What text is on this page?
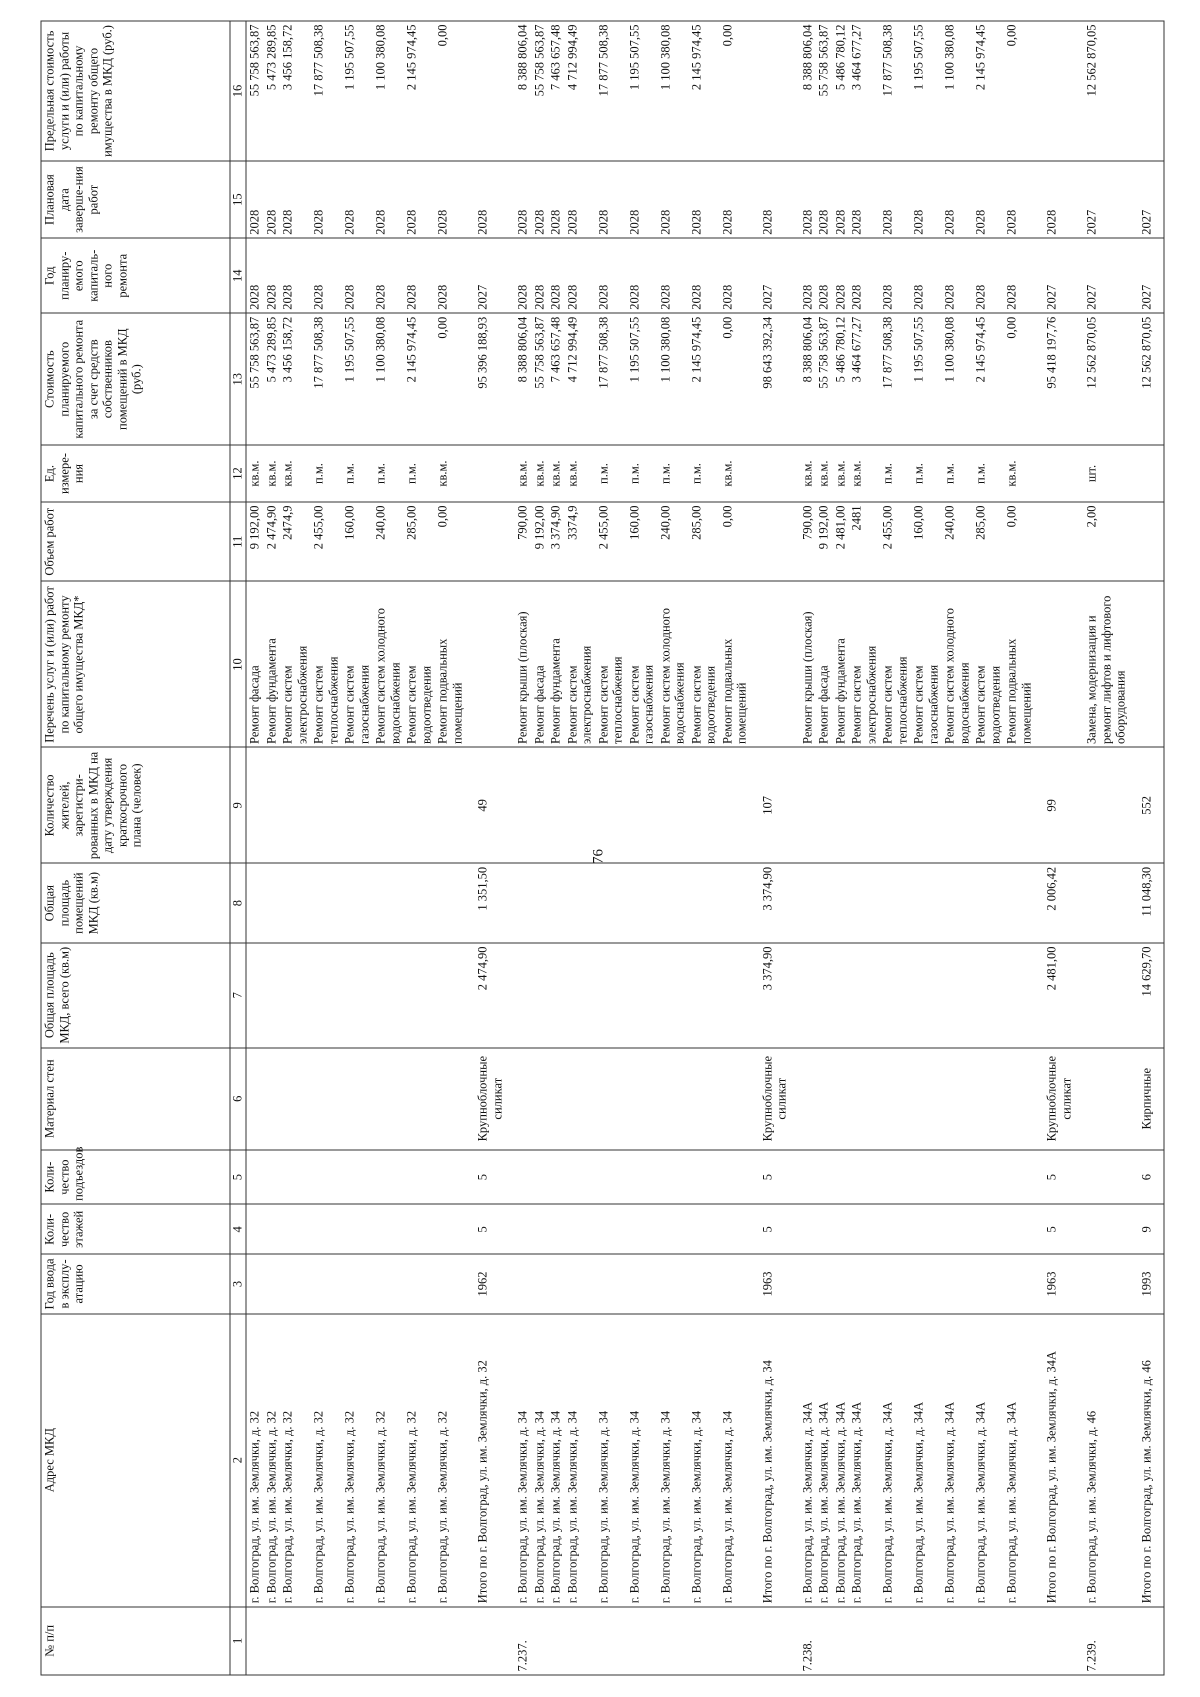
76
№ п/п	Адрес МКД	Год ввода в эксплу-атацию	Коли-чество этажей	Коли-чество подъездов	Материал стен	Общая площадь МКД, всего (кв.м)	Общая площадь помещений МКД (кв.м)	Количество жителей, зарегистри-рованных в МКД на дату утверждения краткосрочного плана (человек)	Перечень услуг и (или) работ по капитальному ремонту общего имущества МКД*	Объем работ	Ед. измере-ния	Стоимость планируемого капитального ремонта за счет средств собственников помещений в МКД (руб.)	Год планиру-емого капиталь-ного ремонта	Плановая дата заверше-ния работ	Предельная стоимость услуги и (или) работы по капитальному ремонту общего имущества в МКД (руб.)
1	2	3	4	5	6	7	8	9	10	11	12	13	14	15	16
	г. Волгоград, ул. им. Землячки, д. 32								Ремонт фасада	9 192,00	кв.м.	55 758 563,87	2028	2028	55 758 563,87
	г. Волгоград, ул. им. Землячки, д. 32								Ремонт фундамента	2 474,90	кв.м.	5 473 289,85	2028	2028	5 473 289,85
	г. Волгоград, ул. им. Землячки, д. 32								Ремонт систем электроснабжения	2474,9	кв.м.	3 456 158,72	2028	2028	3 456 158,72
	г. Волгоград, ул. им. Землячки, д. 32								Ремонт систем теплоснабжения	2 455,00	п.м.	17 877 508,38	2028	2028	17 877 508,38
	г. Волгоград, ул. им. Землячки, д. 32								Ремонт систем газоснабжения	160,00	п.м.	1 195 507,55	2028	2028	1 195 507,55
	г. Волгоград, ул. им. Землячки, д. 32								Ремонт систем холодного водоснабжения	240,00	п.м.	1 100 380,08	2028	2028	1 100 380,08
	г. Волгоград, ул. им. Землячки, д. 32								Ремонт систем водоотведения	285,00	п.м.	2 145 974,45	2028	2028	2 145 974,45
	г. Волгоград, ул. им. Землячки, д. 32								Ремонт подвальных помещений	0,00	кв.м.	0,00	2028	2028	0,00
	Итого по г. Волгоград, ул. им. Землячки, д. 32	1962	5	5	Крупноблочные силикат	2 474,90	1 351,50	49				95 396 188,93	2027	2028	
7.237.	г. Волгоград, ул. им. Землячки, д. 34								Ремонт крыши (плоская)	790,00	кв.м.	8 388 806,04	2028	2028	8 388 806,04
	г. Волгоград, ул. им. Землячки, д. 34								Ремонт фасада	9 192,00	кв.м.	55 758 563,87	2028	2028	55 758 563,87
	г. Волгоград, ул. им. Землячки, д. 34								Ремонт фундамента	3 374,90	кв.м.	7 463 657,48	2028	2028	7 463 657,48
	г. Волгоград, ул. им. Землячки, д. 34								Ремонт систем электроснабжения	3374,9	кв.м.	4 712 994,49	2028	2028	4 712 994,49
	г. Волгоград, ул. им. Землячки, д. 34								Ремонт систем теплоснабжения	2 455,00	п.м.	17 877 508,38	2028	2028	17 877 508,38
	г. Волгоград, ул. им. Землячки, д. 34								Ремонт систем газоснабжения	160,00	п.м.	1 195 507,55	2028	2028	1 195 507,55
	г. Волгоград, ул. им. Землячки, д. 34								Ремонт систем холодного водоснабжения	240,00	п.м.	1 100 380,08	2028	2028	1 100 380,08
	г. Волгоград, ул. им. Землячки, д. 34								Ремонт систем водоотведения	285,00	п.м.	2 145 974,45	2028	2028	2 145 974,45
	г. Волгоград, ул. им. Землячки, д. 34								Ремонт подвальных помещений	0,00	кв.м.	0,00	2028	2028	0,00
	Итого по г. Волгоград, ул. им. Землячки, д. 34	1963	5	5	Крупноблочные силикат	3 374,90	3 374,90	107				98 643 392,34	2027	2028	
7.238.	г. Волгоград, ул. им. Землячки, д. 34А								Ремонт крыши (плоская)	790,00	кв.м.	8 388 806,04	2028	2028	8 388 806,04
	г. Волгоград, ул. им. Землячки, д. 34А								Ремонт фасада	9 192,00	кв.м.	55 758 563,87	2028	2028	55 758 563,87
	г. Волгоград, ул. им. Землячки, д. 34А								Ремонт фундамента	2 481,00	кв.м.	5 486 780,12	2028	2028	5 486 780,12
	г. Волгоград, ул. им. Землячки, д. 34А								Ремонт систем электроснабжения	2481	кв.м.	3 464 677,27	2028	2028	3 464 677,27
	г. Волгоград, ул. им. Землячки, д. 34А								Ремонт систем теплоснабжения	2 455,00	п.м.	17 877 508,38	2028	2028	17 877 508,38
	г. Волгоград, ул. им. Землячки, д. 34А								Ремонт систем газоснабжения	160,00	п.м.	1 195 507,55	2028	2028	1 195 507,55
	г. Волгоград, ул. им. Землячки, д. 34А								Ремонт систем холодного водоснабжения	240,00	п.м.	1 100 380,08	2028	2028	1 100 380,08
	г. Волгоград, ул. им. Землячки, д. 34А								Ремонт систем водоотведения	285,00	п.м.	2 145 974,45	2028	2028	2 145 974,45
	г. Волгоград, ул. им. Землячки, д. 34А								Ремонт подвальных помещений	0,00	кв.м.	0,00	2028	2028	0,00
	Итого по г. Волгоград, ул. им. Землячки, д. 34А	1963	5	5	Крупноблочные силикат	2 481,00	2 006,42	99				95 418 197,76	2027	2028	
7.239.	г. Волгоград, ул. им. Землячки, д. 46								Замена, модернизация и ремонт лифтов и лифтового оборудования	2,00	шт.	12 562 870,05	2027	2027	12 562 870,05
	Итого по г. Волгоград, ул. им. Землячки, д. 46	1993	9	6	Кирпичные	14 629,70	11 048,30	552				12 562 870,05	2027	2027	
